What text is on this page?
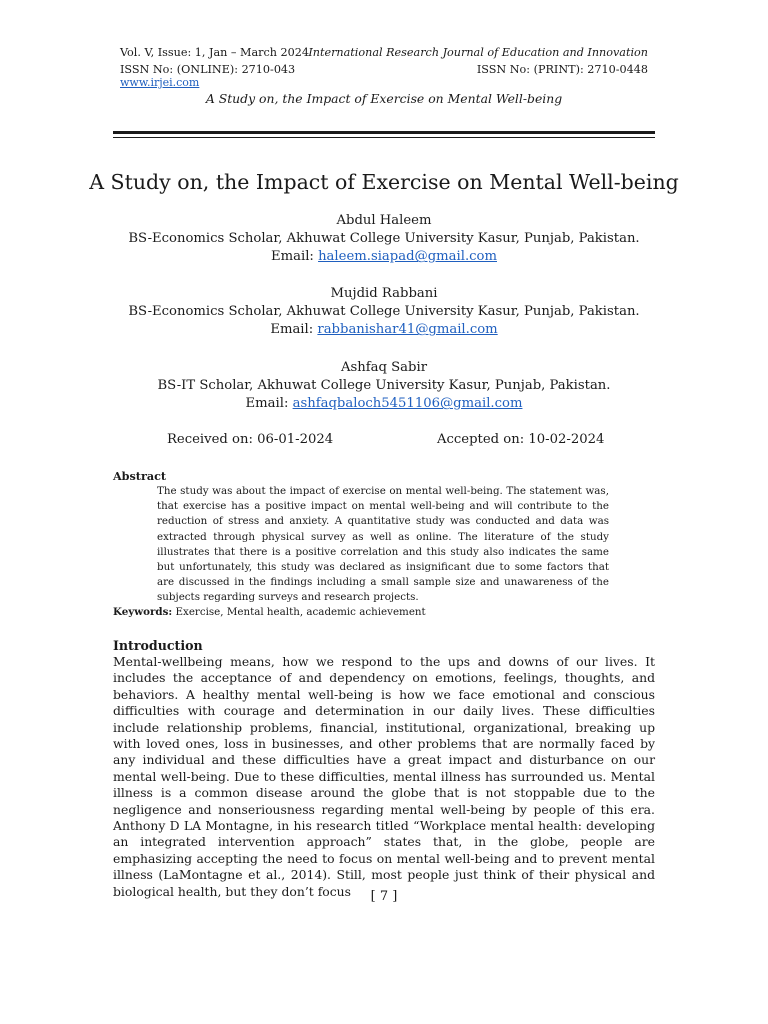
Vol. V, Issue: 1, Jan – March 2024 International Research Journal of Education and Innovation
ISSN No: (ONLINE): 2710-043	ISSN No: (PRINT): 2710-0448
www.irjei.com
A Study on, the Impact of Exercise on Mental Well-being
A Study on, the Impact of Exercise on Mental Well-being
Abdul Haleem
BS-Economics Scholar, Akhuwat College University Kasur, Punjab, Pakistan.
Email: haleem.siapad@gmail.com
Mujdid Rabbani
BS-Economics Scholar, Akhuwat College University Kasur, Punjab, Pakistan.
Email: rabbanishar41@gmail.com
Ashfaq Sabir
BS-IT Scholar, Akhuwat College University Kasur, Punjab, Pakistan.
Email: ashfaqbaloch5451106@gmail.com
Received on: 06-01-2024	Accepted on: 10-02-2024
Abstract
The study was about the impact of exercise on mental well-being. The statement was, that exercise has a positive impact on mental well-being and will contribute to the reduction of stress and anxiety. A quantitative study was conducted and data was extracted through physical survey as well as online. The literature of the study illustrates that there is a positive correlation and this study also indicates the same but unfortunately, this study was declared as insignificant due to some factors that are discussed in the findings including a small sample size and unawareness of the subjects regarding surveys and research projects.
Keywords: Exercise, Mental health, academic achievement
Introduction
Mental-wellbeing means, how we respond to the ups and downs of our lives. It includes the acceptance of and dependency on emotions, feelings, thoughts, and behaviors. A healthy mental well-being is how we face emotional and conscious difficulties with courage and determination in our daily lives. These difficulties include relationship problems, financial, institutional, organizational, breaking up with loved ones, loss in businesses, and other problems that are normally faced by any individual and these difficulties have a great impact and disturbance on our mental well-being. Due to these difficulties, mental illness has surrounded us. Mental illness is a common disease around the globe that is not stoppable due to the negligence and nonseriousness regarding mental well-being by people of this era. Anthony D LA Montagne, in his research titled “Workplace mental health: developing an integrated intervention approach” states that, in the globe, people are emphasizing accepting the need to focus on mental well-being and to prevent mental illness (LaMontagne et al., 2014). Still, most people just think of their physical and biological health, but they don’t focus	[ 7 ]
